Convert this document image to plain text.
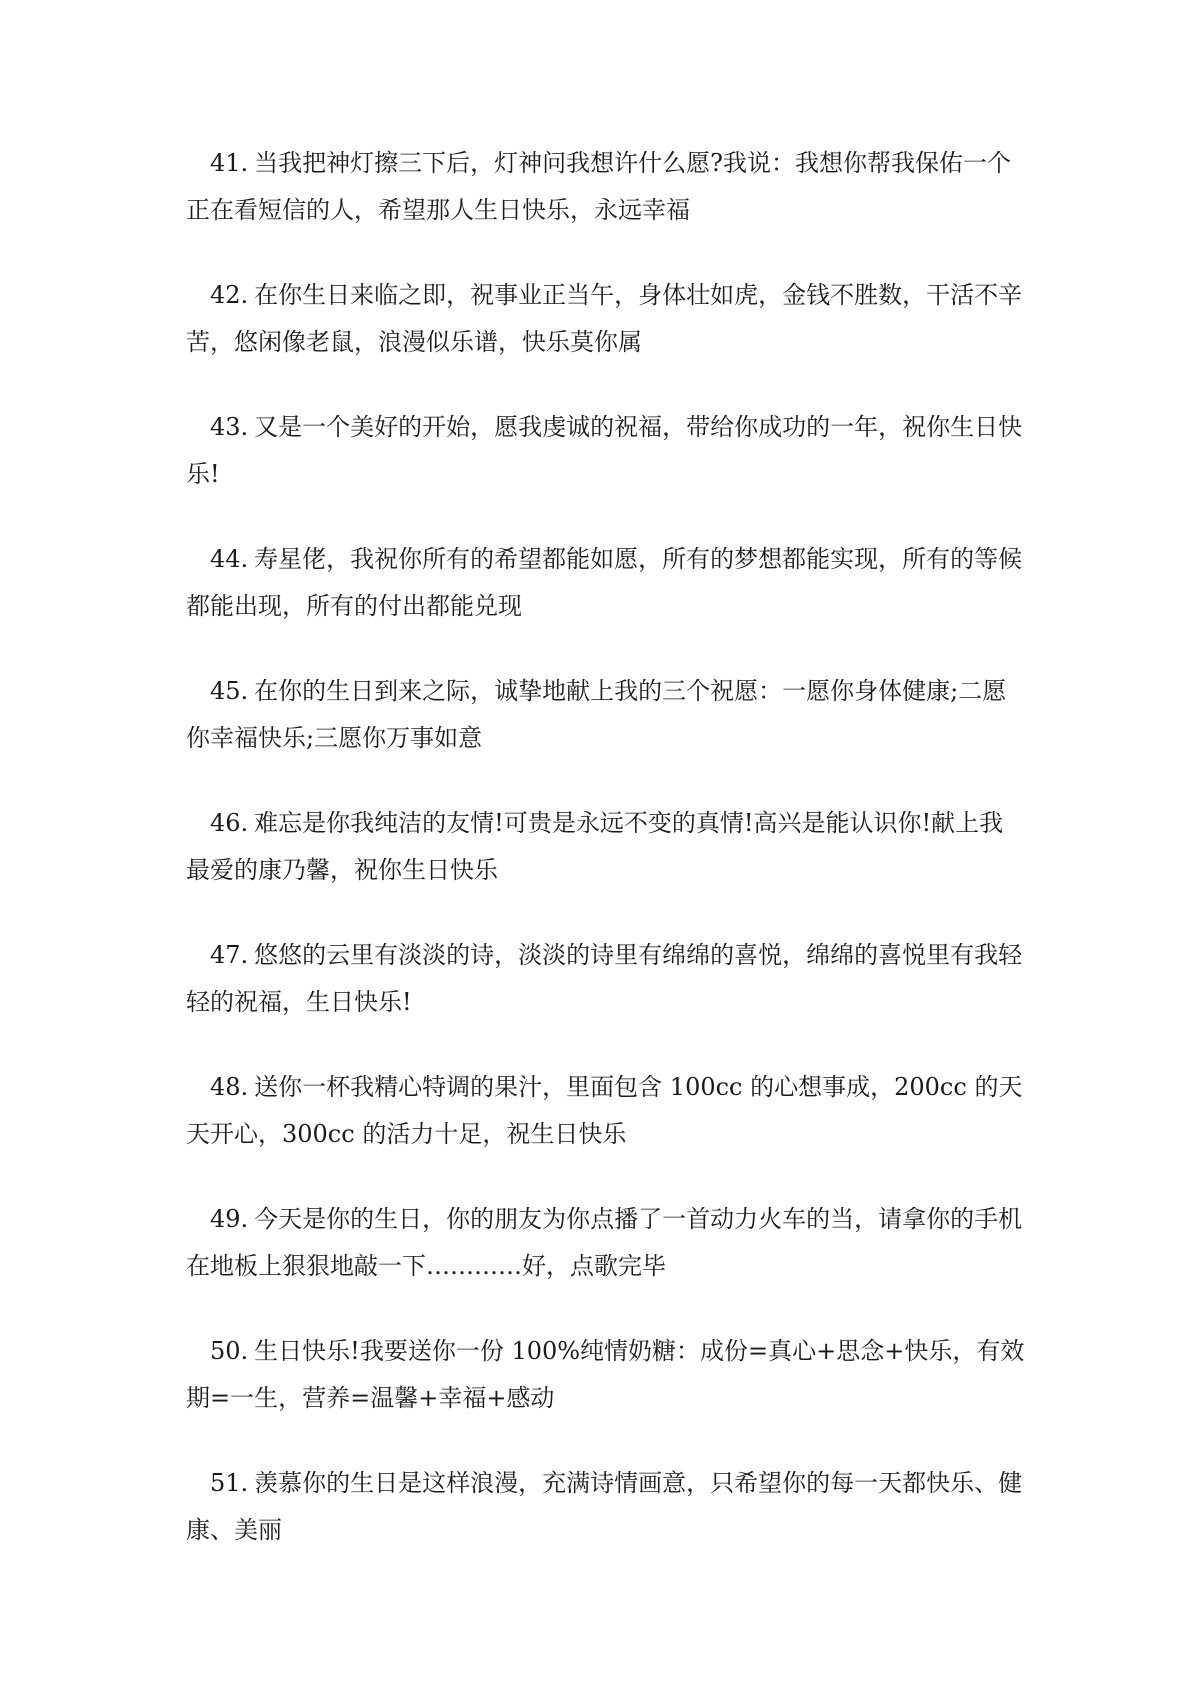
41. 当我把神灯擦三下后，灯神问我想许什么愿?我说：我想你帮我保佑一个正在看短信的人，希望那人生日快乐，永远幸福
42. 在你生日来临之即，祝事业正当午，身体壮如虎，金钱不胜数，干活不辛苦，悠闲像老鼠，浪漫似乐谱，快乐莫你属
43. 又是一个美好的开始，愿我虔诚的祝福，带给你成功的一年，祝你生日快乐!
44. 寿星佬，我祝你所有的希望都能如愿，所有的梦想都能实现，所有的等候都能出现，所有的付出都能兑现
45. 在你的生日到来之际，诚挚地献上我的三个祝愿：一愿你身体健康;二愿你幸福快乐;三愿你万事如意
46. 难忘是你我纯洁的友情!可贵是永远不变的真情!高兴是能认识你!献上我最爱的康乃馨，祝你生日快乐
47. 悠悠的云里有淡淡的诗，淡淡的诗里有绵绵的喜悦，绵绵的喜悦里有我轻轻的祝福，生日快乐!
48. 送你一杯我精心特调的果汁，里面包含 100cc 的心想事成，200cc 的天天开心，300cc 的活力十足，祝生日快乐
49. 今天是你的生日，你的朋友为你点播了一首动力火车的当，请拿你的手机在地板上狠狠地敲一下…………好，点歌完毕
50. 生日快乐!我要送你一份 100%纯情奶糖：成份=真心+思念+快乐，有效期=一生，营养=温馨+幸福+感动
51. 羡慕你的生日是这样浪漫，充满诗情画意，只希望你的每一天都快乐、健康、美丽
